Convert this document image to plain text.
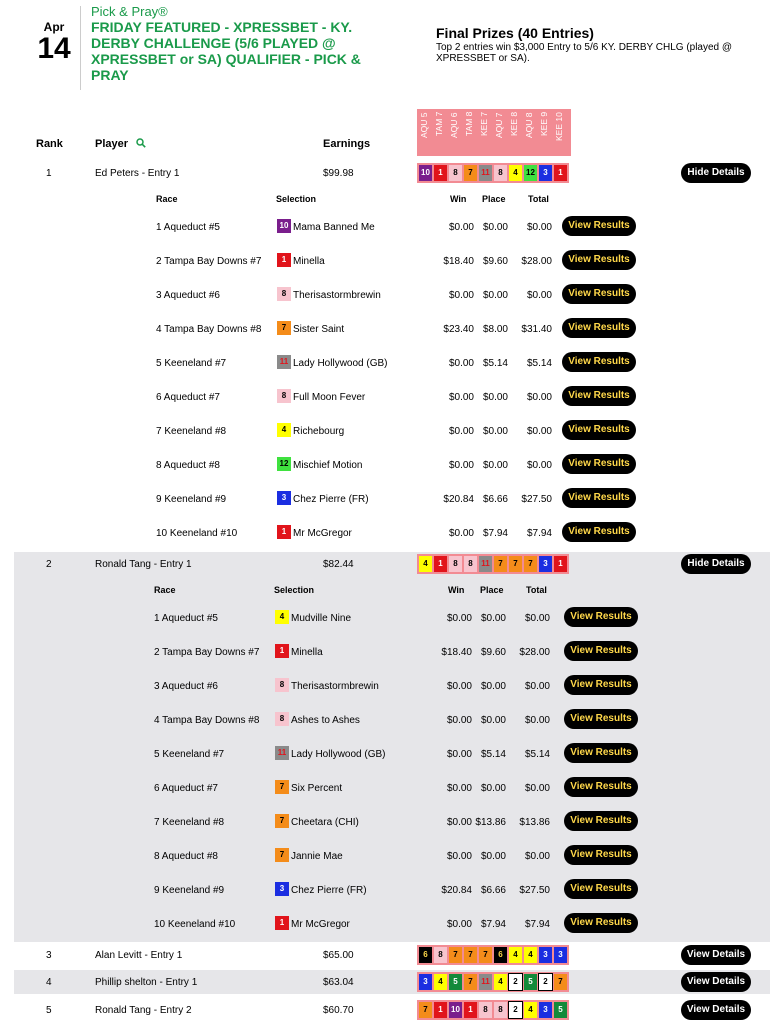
Apr
14
Pick & Pray®
FRIDAY FEATURED - XPRESSBET - KY. DERBY CHALLENGE (5/6 PLAYED @ XPRESSBET or SA) QUALIFIER - PICK & PRAY
Final Prizes (40 Entries)
Top 2 entries win $3,000 Entry to 5/6 KY. DERBY CHLG (played @ XPRESSBET or SA).
AQU 5 TAM 7 AQU 6 TAM 8 KEE 7 AQU 7 KEE 8 AQU 8 KEE 9 KEE 10
Rank	Player	Earnings
1	Ed Peters - Entry 1	$99.98	10	1	8	7	11	8	4	12	3	1	Hide Details
Race	Selection	Win Place Total
1 Aqueduct #5	10 Mama Banned Me	$0.00 $0.00	$0.00	View Results
2 Tampa Bay Downs #7	1 Minella	$18.40 $9.60	$28.00	View Results
3 Aqueduct #6	8 Therisastormbrewin	$0.00 $0.00	$0.00	View Results
4 Tampa Bay Downs #8	7 Sister Saint	$23.40 $8.00	$31.40	View Results
5 Keeneland #7	11 Lady Hollywood (GB)	$0.00 $5.14	$5.14	View Results
6 Aqueduct #7	8 Full Moon Fever	$0.00 $0.00	$0.00	View Results
7 Keeneland #8	4 Richebourg	$0.00 $0.00	$0.00	View Results
8 Aqueduct #8	12 Mischief Motion	$0.00 $0.00	$0.00	View Results
9 Keeneland #9	3 Chez Pierre (FR)	$20.84 $6.66	$27.50	View Results
10 Keeneland #10	1 Mr McGregor	$0.00 $7.94	$7.94	View Results
2	Ronald Tang - Entry 1	$82.44	4	1	8	8	11	7	7	7	3	1	Hide Details
Race	Selection	Win Place Total
1 Aqueduct #5	4 Mudville Nine	$0.00 $0.00	$0.00	View Results
2 Tampa Bay Downs #7	1 Minella	$18.40 $9.60	$28.00	View Results
3 Aqueduct #6	8 Therisastormbrewin	$0.00 $0.00	$0.00	View Results
4 Tampa Bay Downs #8	8 Ashes to Ashes	$0.00 $0.00	$0.00	View Results
5 Keeneland #7	11 Lady Hollywood (GB)	$0.00 $5.14	$5.14	View Results
6 Aqueduct #7	7 Six Percent	$0.00 $0.00	$0.00	View Results
7 Keeneland #8	7 Cheetara (CHI)	$0.00 $13.86	$13.86	View Results
8 Aqueduct #8	7 Jannie Mae	$0.00 $0.00	$0.00	View Results
9 Keeneland #9	3 Chez Pierre (FR)	$20.84 $6.66	$27.50	View Results
10 Keeneland #10	1 Mr McGregor	$0.00 $7.94	$7.94	View Results
3	Alan Levitt - Entry 1	$65.00	6	8	7	7	7	6	4	4	3	3	View Details
4	Phillip shelton - Entry 1	$63.04	3	4	5	7	11	4	2	5	2	7	View Details
5	Ronald Tang - Entry 2	$60.70	7	1	10	1	8	8	2	4	3	5	View Details
